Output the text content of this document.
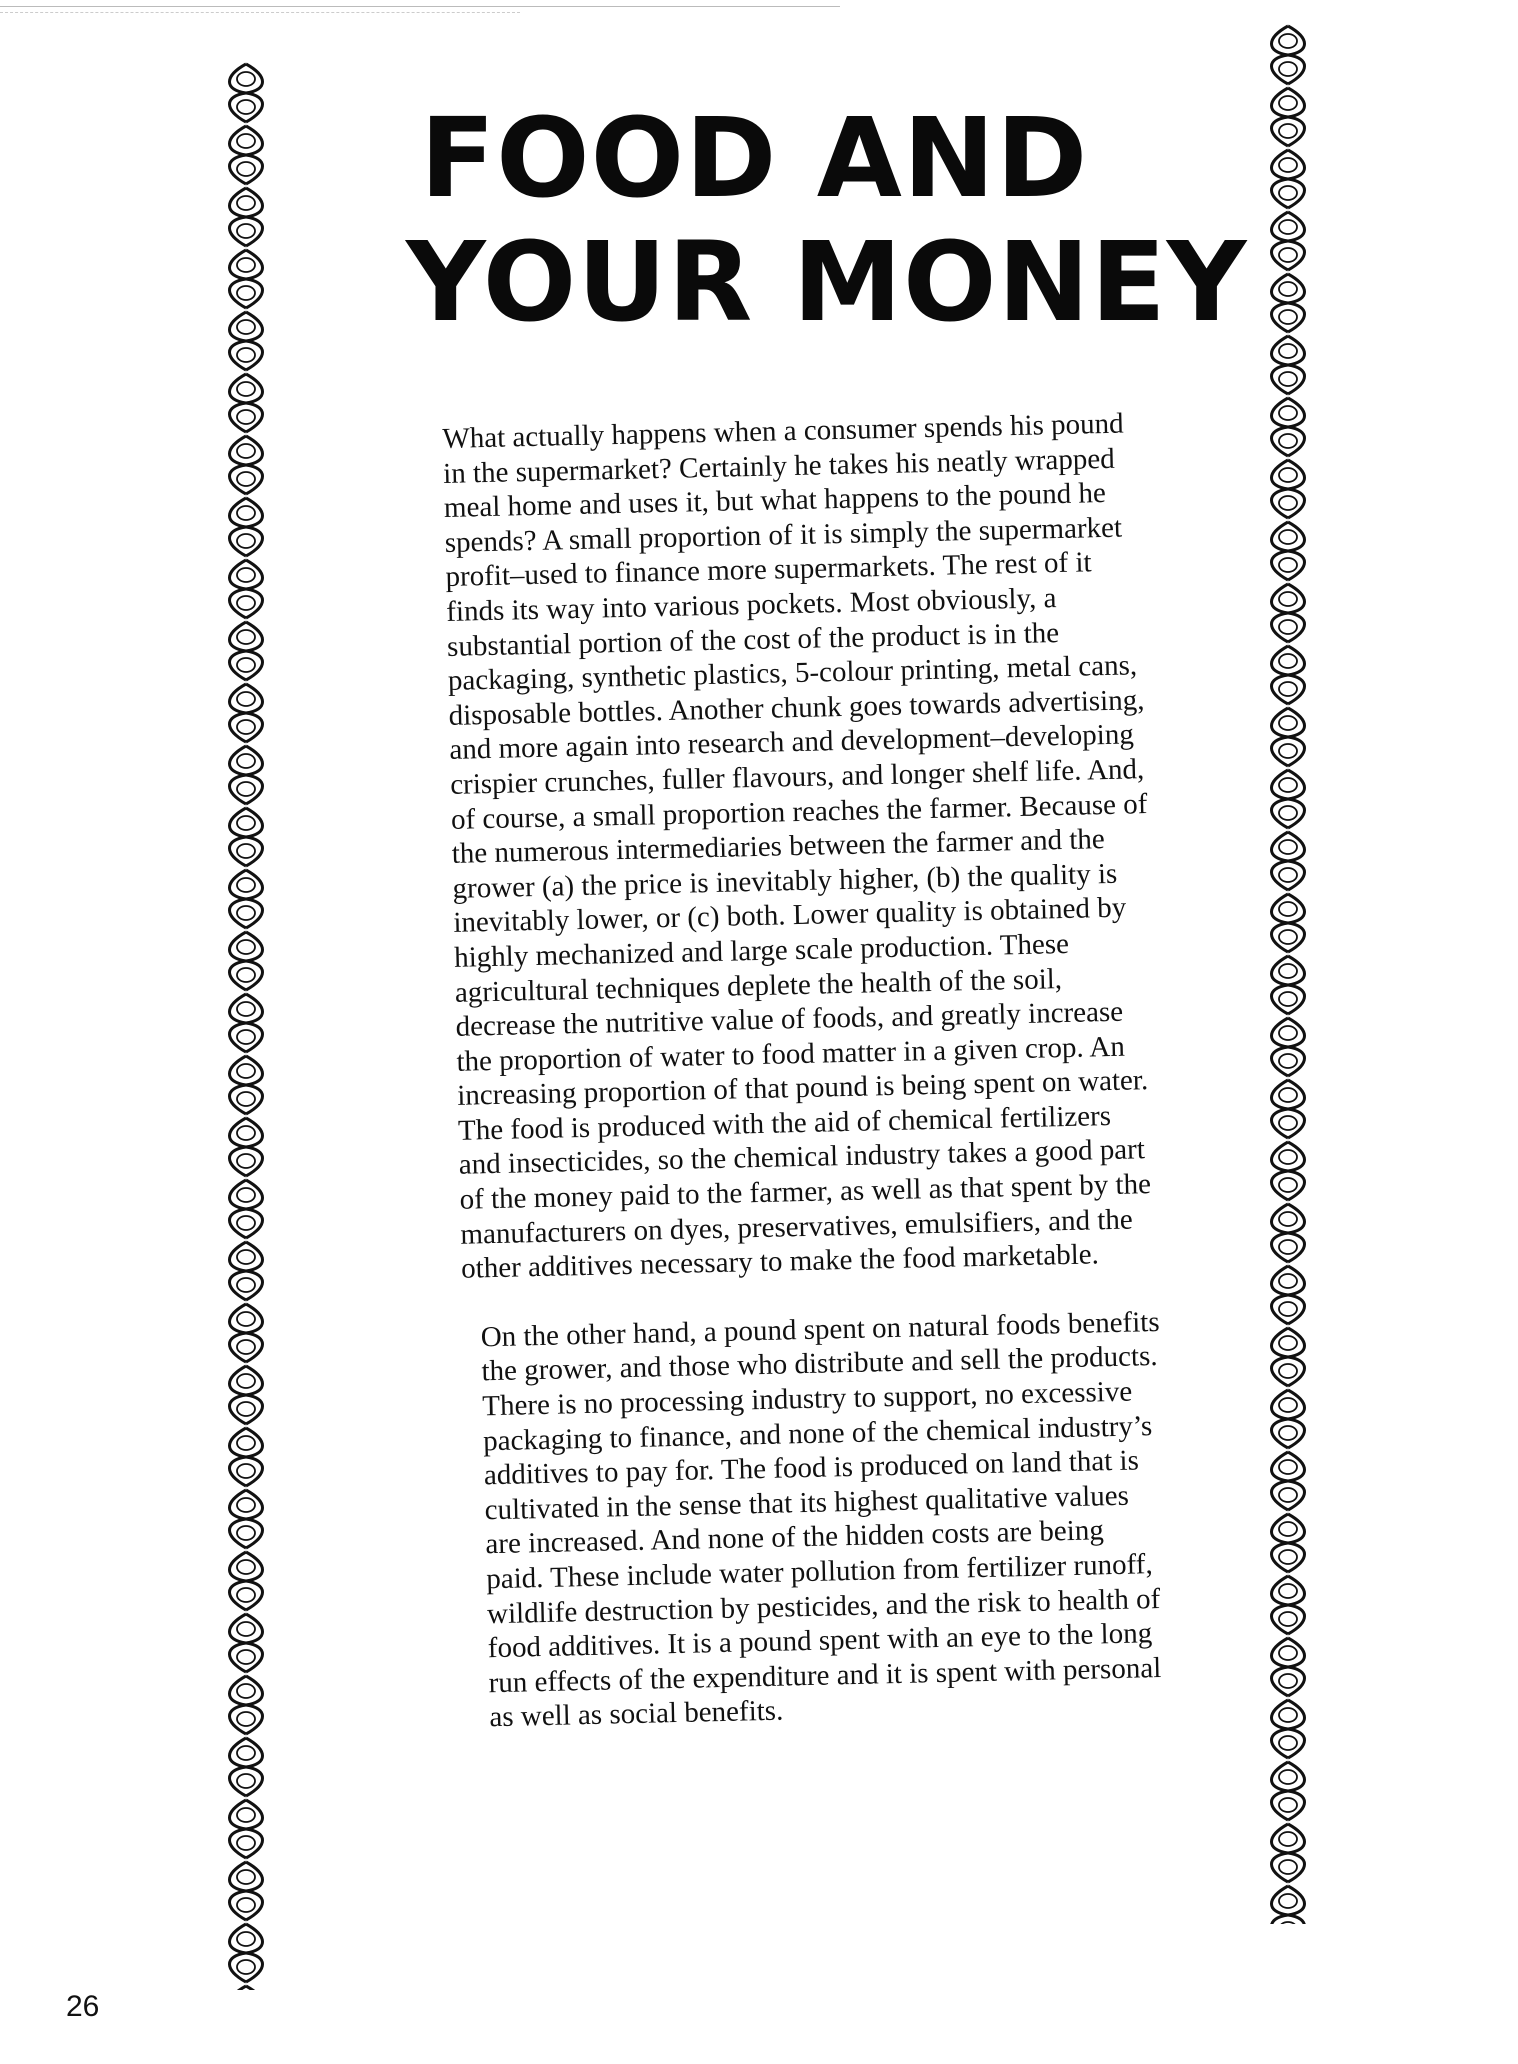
FOOD AND
YOUR MONEY

What actually happens when a consumer spends his pound in the supermarket? Certainly he takes his neatly wrapped meal home and uses it, but what happens to the pound he spends? A small proportion of it is simply the supermarket profit–used to finance more supermarkets. The rest of it finds its way into various pockets. Most obviously, a substantial portion of the cost of the product is in the packaging, synthetic plastics, 5-colour printing, metal cans, disposable bottles. Another chunk goes towards advertising, and more again into research and development–developing crispier crunches, fuller flavours, and longer shelf life. And, of course, a small proportion reaches the farmer. Because of the numerous intermediaries between the farmer and the grower (a) the price is inevitably higher, (b) the quality is inevitably lower, or (c) both. Lower quality is obtained by highly mechanized and large scale production. These agricultural techniques deplete the health of the soil, decrease the nutritive value of foods, and greatly increase the proportion of water to food matter in a given crop. An increasing proportion of that pound is being spent on water. The food is produced with the aid of chemical fertilizers and insecticides, so the chemical industry takes a good part of the money paid to the farmer, as well as that spent by the manufacturers on dyes, preservatives, emulsifiers, and the other additives necessary to make the food marketable.

On the other hand, a pound spent on natural foods benefits the grower, and those who distribute and sell the products. There is no processing industry to support, no excessive packaging to finance, and none of the chemical industry’s additives to pay for. The food is produced on land that is cultivated in the sense that its highest qualitative values are increased. And none of the hidden costs are being paid. These include water pollution from fertilizer runoff, wildlife destruction by pesticides, and the risk to health of food additives. It is a pound spent with an eye to the long run effects of the expenditure and it is spent with personal as well as social benefits.

26
